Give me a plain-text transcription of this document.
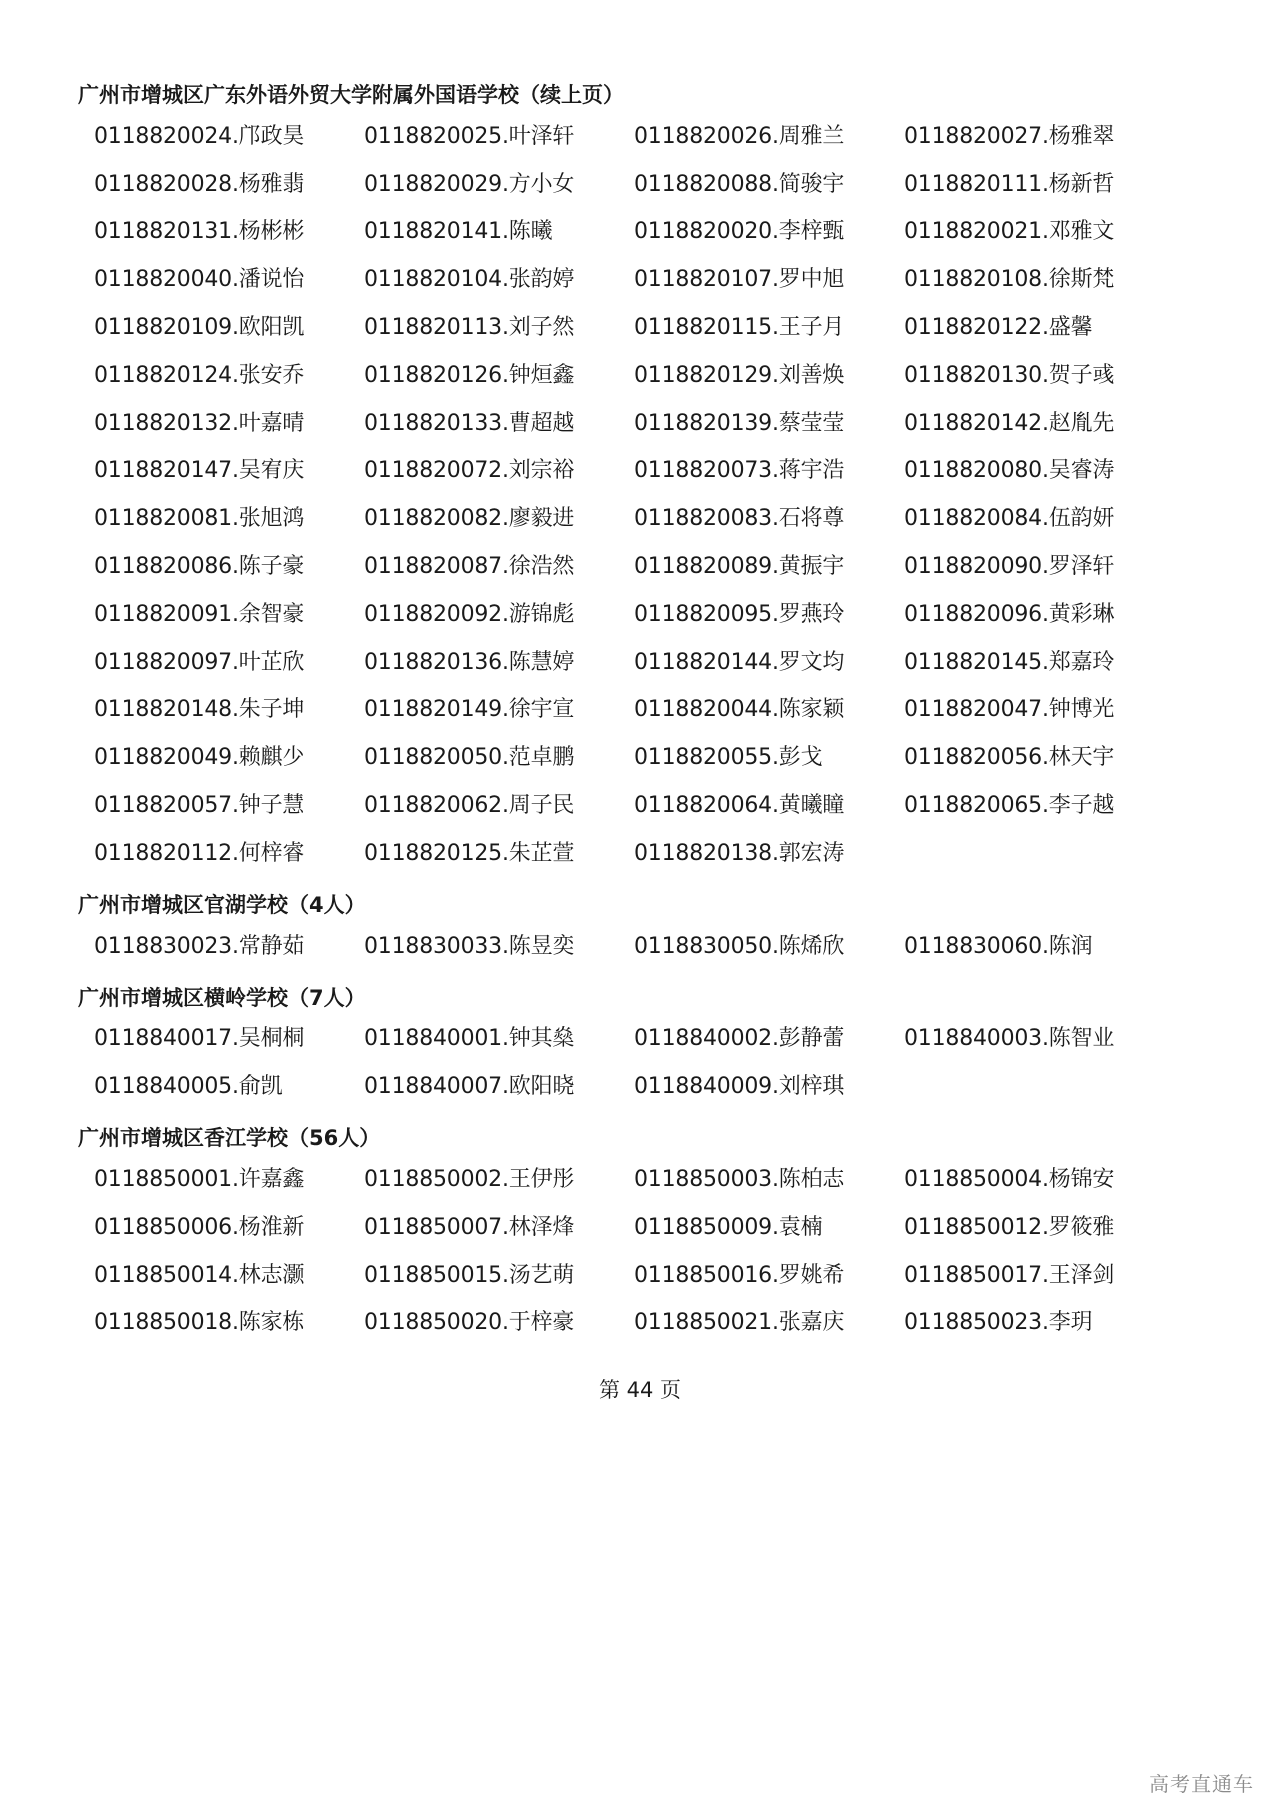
广州市增城区广东外语外贸大学附属外国语学校（续上页）
0118820024.邝政昊	0118820025.叶泽轩	0118820026.周雅兰	0118820027.杨雅翠
0118820028.杨雅翡	0118820029.方小女	0118820088.简骏宇	0118820111.杨新哲
0118820131.杨彬彬	0118820141.陈曦	0118820020.李梓甄	0118820021.邓雅文
0118820040.潘说怡	0118820104.张韵婷	0118820107.罗中旭	0118820108.徐斯梵
0118820109.欧阳凯	0118820113.刘子然	0118820115.王子月	0118820122.盛馨
0118820124.张安乔	0118820126.钟烜鑫	0118820129.刘善焕	0118820130.贺子彧
0118820132.叶嘉晴	0118820133.曹超越	0118820139.蔡莹莹	0118820142.赵胤先
0118820147.吴宥庆	0118820072.刘宗裕	0118820073.蒋宇浩	0118820080.吴睿涛
0118820081.张旭鸿	0118820082.廖毅进	0118820083.石将尊	0118820084.伍韵妍
0118820086.陈子豪	0118820087.徐浩然	0118820089.黄振宇	0118820090.罗泽轩
0118820091.余智豪	0118820092.游锦彪	0118820095.罗燕玲	0118820096.黄彩琳
0118820097.叶芷欣	0118820136.陈慧婷	0118820144.罗文均	0118820145.郑嘉玲
0118820148.朱子坤	0118820149.徐宇宣	0118820044.陈家颖	0118820047.钟博光
0118820049.赖麒少	0118820050.范卓鹏	0118820055.彭戈	0118820056.林天宇
0118820057.钟子慧	0118820062.周子民	0118820064.黄曦瞳	0118820065.李子越
0118820112.何梓睿	0118820125.朱芷萱	0118820138.郭宏涛
广州市增城区官湖学校（4人）
0118830023.常静茹	0118830033.陈昱奕	0118830050.陈烯欣	0118830060.陈润
广州市增城区横岭学校（7人）
0118840017.吴桐桐	0118840001.钟其燊	0118840002.彭静蕾	0118840003.陈智业
0118840005.俞凯	0118840007.欧阳晓	0118840009.刘梓琪
广州市增城区香江学校（56人）
0118850001.许嘉鑫	0118850002.王伊彤	0118850003.陈柏志	0118850004.杨锦安
0118850006.杨淮新	0118850007.林泽烽	0118850009.袁楠	0118850012.罗筱雅
0118850014.林志灏	0118850015.汤艺萌	0118850016.罗姚希	0118850017.王泽剑
0118850018.陈家栋	0118850020.于梓豪	0118850021.张嘉庆	0118850023.李玥
第 44 页
高考直通车
